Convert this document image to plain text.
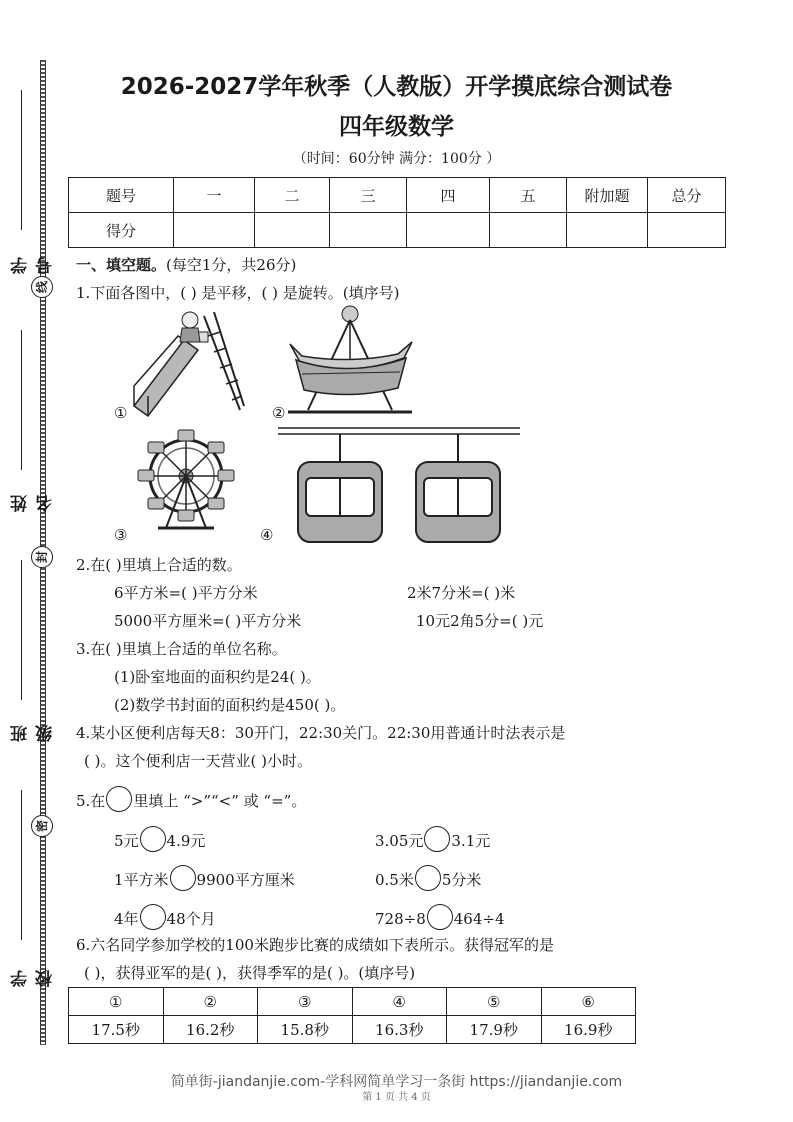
学 号
姓 名
班 级
学 校
线
封
密
2026-2027学年秋季（人教版）开学摸底综合测试卷
四年级数学
（时间：60分钟 满分：100分 ）
题号	一	二	三	四	五	附加题	总分
得分							
一、填空题。(每空1分，共26分)
1.下面各图中，( ) 是平移，( ) 是旋转。(填序号)
①	②
③	④
2.在( )里填上合适的数。
6平方米=( )平方分米	2米7分米=( )米
5000平方厘米=( )平方分米	10元2角5分=( )元
3.在( )里填上合适的单位名称。
(1)卧室地面的面积约是24( )。
(2)数学书封面的面积约是450( )。
4.某小区便利店每天8：30开门，22:30关门。22:30用普通计时法表示是
( )。这个便利店一天营业( )小时。
5.在 里填上 “>”“<” 或 “=”。
5元 4.9元	3.05元 3.1元
1平方米 9900平方厘米	0.5米 5分米
4年 48个月	728÷8 464÷4
6.六名同学参加学校的100米跑步比赛的成绩如下表所示。获得冠军的是
( )，获得亚军的是( )，获得季军的是( )。(填序号)
①	②	③	④	⑤	⑥
17.5秒	16.2秒	15.8秒	16.3秒	17.9秒	16.9秒
简单街-jiandanjie.com-学科网简单学习一条街 https://jiandanjie.com
第 1 页 共 4 页
